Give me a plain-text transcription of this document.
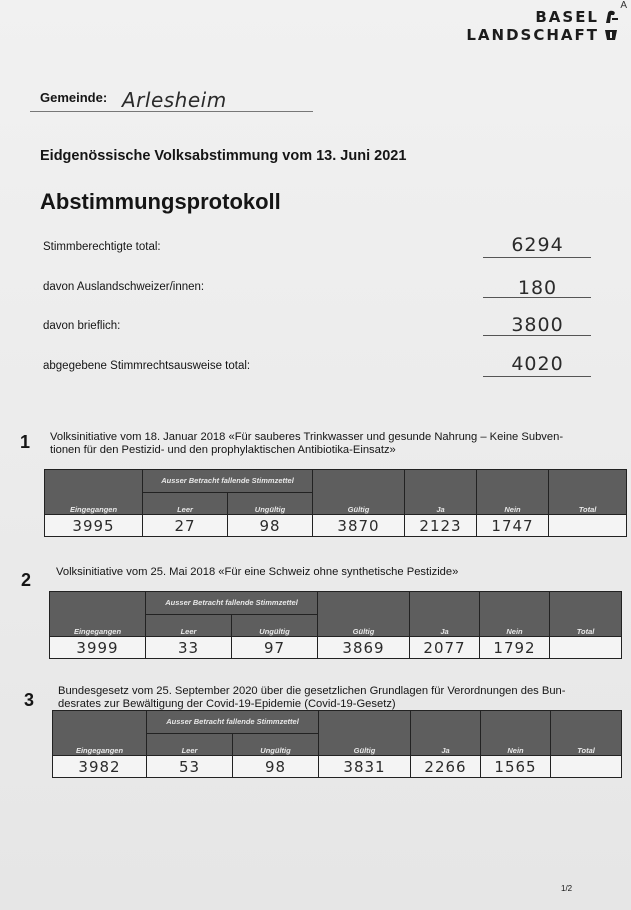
A
BASEL
LANDSCHAFT
Gemeinde: Arlesheim
Eidgenössische Volksabstimmung vom 13. Juni 2021
Abstimmungsprotokoll
Stimmberechtigte total:	6294
davon Auslandschweizer/innen:	180
davon brieflich:	3800
abgegebene Stimmrechtsausweise total:	4020
1 Volksinitiative vom 18. Januar 2018 «Für sauberes Trinkwasser und gesunde Nahrung – Keine Subven-
tionen für den Pestizid- und den prophylaktischen Antibiotika-Einsatz»
Eingegangen	Ausser Betracht fallende Stimmzettel		Gültig	Ja	Nein	Total
	Leer	Ungültig				
3995	27	98	3870	2123	1747	
2 Volksinitiative vom 25. Mai 2018 «Für eine Schweiz ohne synthetische Pestizide»
Eingegangen	Ausser Betracht fallende Stimmzettel		Gültig	Ja	Nein	Total
	Leer	Ungültig				
3999	33	97	3869	2077	1792	
3 Bundesgesetz vom 25. September 2020 über die gesetzlichen Grundlagen für Verordnungen des Bun-
desrates zur Bewältigung der Covid-19-Epidemie (Covid-19-Gesetz)
Eingegangen	Ausser Betracht fallende Stimmzettel		Gültig	Ja	Nein	Total
	Leer	Ungültig				
3982	53	98	3831	2266	1565	
1/2
